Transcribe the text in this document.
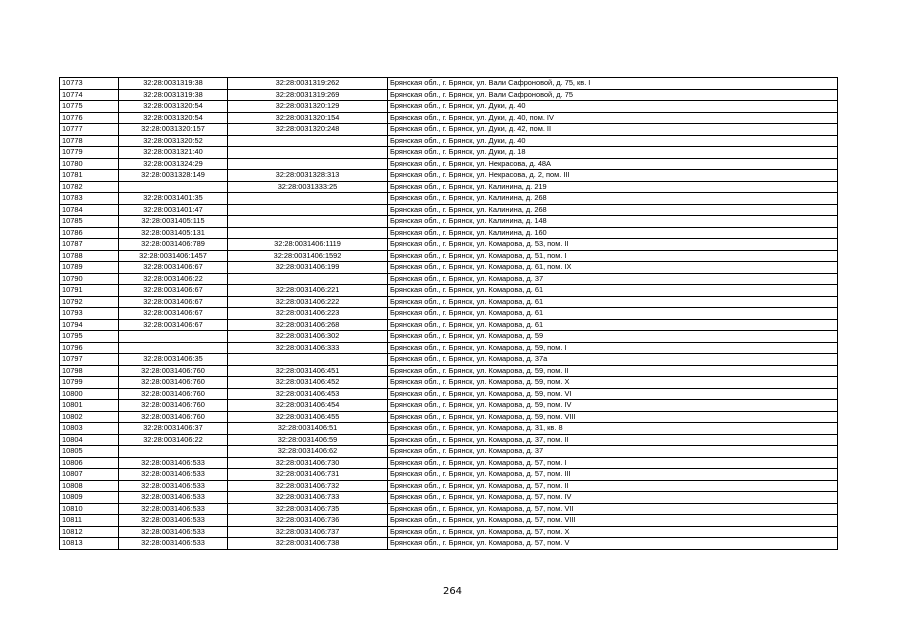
10773	32:28:0031319:38	32:28:0031319:262	Брянская обл., г. Брянск, ул. Вали Сафроновой, д. 75, кв. I
10774	32:28:0031319:38	32:28:0031319:269	Брянская обл., г. Брянск, ул. Вали Сафроновой, д. 75
10775	32:28:0031320:54	32:28:0031320:129	Брянская обл., г. Брянск, ул. Дуки, д. 40
10776	32:28:0031320:54	32:28:0031320:154	Брянская обл., г. Брянск, ул. Дуки, д. 40, пом. IV
10777	32:28:0031320:157	32:28:0031320:248	Брянская обл., г. Брянск, ул. Дуки, д. 42, пом. II
10778	32:28:0031320:52		Брянская обл., г. Брянск, ул. Дуки, д. 40
10779	32:28:0031321:40		Брянская обл., г. Брянск, ул. Дуки, д. 18
10780	32:28:0031324:29		Брянская обл., г. Брянск, ул. Некрасова, д. 48А
10781	32:28:0031328:149	32:28:0031328:313	Брянская обл., г. Брянск, ул. Некрасова, д. 2, пом. III
10782		32:28:0031333:25	Брянская обл., г. Брянск, ул. Калинина, д. 219
10783	32:28:0031401:35		Брянская обл., г. Брянск, ул. Калинина, д. 268
10784	32:28:0031401:47		Брянская обл., г. Брянск, ул. Калинина, д. 268
10785	32:28:0031405:115		Брянская обл., г. Брянск, ул. Калинина, д. 148
10786	32:28:0031405:131		Брянская обл., г. Брянск, ул. Калинина, д. 160
10787	32:28:0031406:789	32:28:0031406:1119	Брянская обл., г. Брянск, ул. Комарова, д. 53, пом. II
10788	32:28:0031406:1457	32:28:0031406:1592	Брянская обл., г. Брянск, ул. Комарова, д. 51, пом. I
10789	32:28:0031406:67	32:28:0031406:199	Брянская обл., г. Брянск, ул. Комарова, д. 61, пом. IX
10790	32:28:0031406:22		Брянская обл., г. Брянск, ул. Комарова, д. 37
10791	32:28:0031406:67	32:28:0031406:221	Брянская обл., г. Брянск, ул. Комарова, д. 61
10792	32:28:0031406:67	32:28:0031406:222	Брянская обл., г. Брянск, ул. Комарова, д. 61
10793	32:28:0031406:67	32:28:0031406:223	Брянская обл., г. Брянск, ул. Комарова, д. 61
10794	32:28:0031406:67	32:28:0031406:268	Брянская обл., г. Брянск, ул. Комарова, д. 61
10795		32:28:0031406:302	Брянская обл., г. Брянск, ул. Комарова, д. 59
10796		32:28:0031406:333	Брянская обл., г. Брянск, ул. Комарова, д. 59, пом. I
10797	32:28:0031406:35		Брянская обл., г. Брянск, ул. Комарова, д. 37а
10798	32:28:0031406:760	32:28:0031406:451	Брянская обл., г. Брянск, ул. Комарова, д. 59, пом. II
10799	32:28:0031406:760	32:28:0031406:452	Брянская обл., г. Брянск, ул. Комарова, д. 59, пом. X
10800	32:28:0031406:760	32:28:0031406:453	Брянская обл., г. Брянск, ул. Комарова, д. 59, пом. VI
10801	32:28:0031406:760	32:28:0031406:454	Брянская обл., г. Брянск, ул. Комарова, д. 59, пом. IV
10802	32:28:0031406:760	32:28:0031406:455	Брянская обл., г. Брянск, ул. Комарова, д. 59, пом. VIII
10803	32:28:0031406:37	32:28:0031406:51	Брянская обл., г. Брянск, ул. Комарова, д. 31, кв. 8
10804	32:28:0031406:22	32:28:0031406:59	Брянская обл., г. Брянск, ул. Комарова, д. 37, пом. II
10805		32:28:0031406:62	Брянская обл., г. Брянск, ул. Комарова, д. 37
10806	32:28:0031406:533	32:28:0031406:730	Брянская обл., г. Брянск, ул. Комарова, д. 57, пом. I
10807	32:28:0031406:533	32:28:0031406:731	Брянская обл., г. Брянск, ул. Комарова, д. 57, пом. III
10808	32:28:0031406:533	32:28:0031406:732	Брянская обл., г. Брянск, ул. Комарова, д. 57, пом. II
10809	32:28:0031406:533	32:28:0031406:733	Брянская обл., г. Брянск, ул. Комарова, д. 57, пом. IV
10810	32:28:0031406:533	32:28:0031406:735	Брянская обл., г. Брянск, ул. Комарова, д. 57, пом. VII
10811	32:28:0031406:533	32:28:0031406:736	Брянская обл., г. Брянск, ул. Комарова, д. 57, пом. VIII
10812	32:28:0031406:533	32:28:0031406:737	Брянская обл., г. Брянск, ул. Комарова, д. 57, пом. X
10813	32:28:0031406:533	32:28:0031406:738	Брянская обл., г. Брянск, ул. Комарова, д. 57, пом. V
264
